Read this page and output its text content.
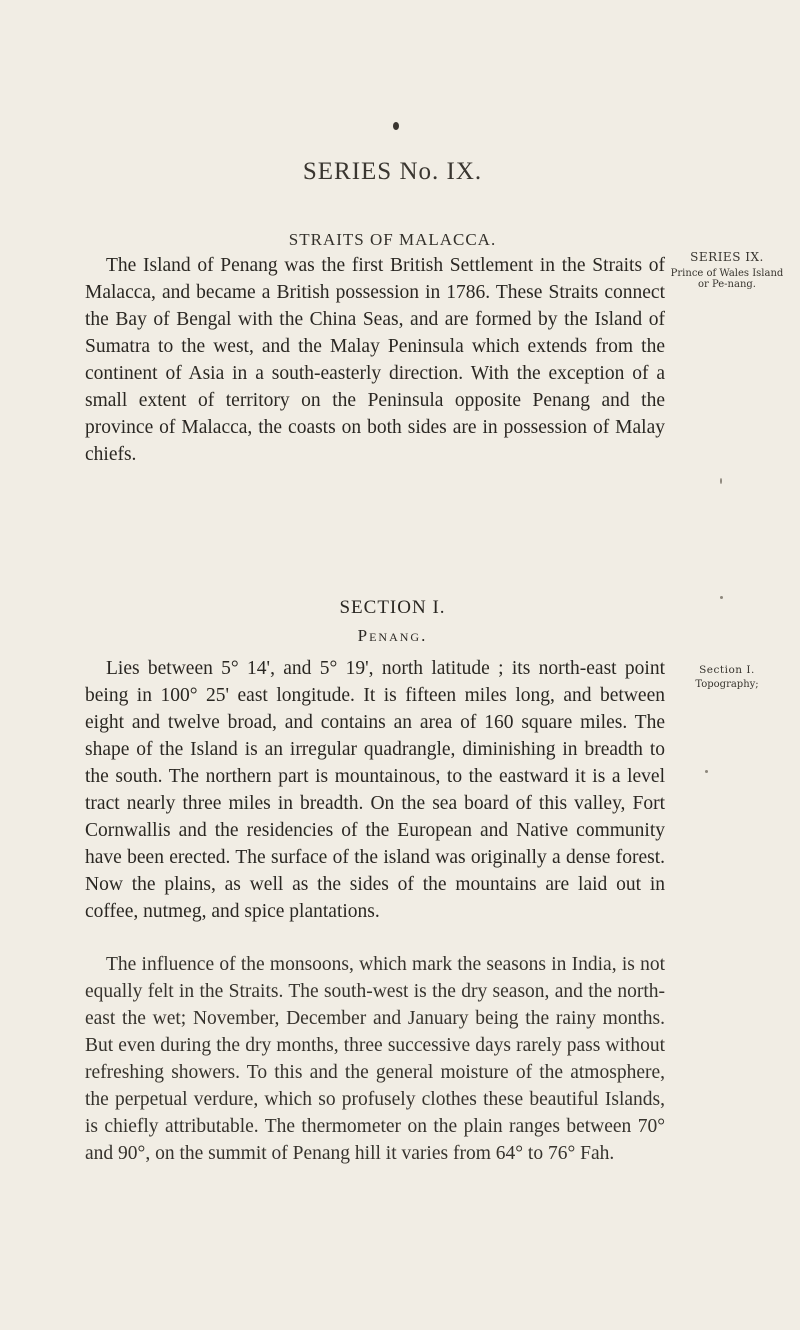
SERIES No. IX.
STRAITS OF MALACCA.

The Island of Penang was the first British Settlement in the Straits of Malacca, and became a British possession in 1786. These Straits connect the Bay of Bengal with the China Seas, and are formed by the Island of Sumatra to the west, and the Malay Peninsula which extends from the continent of Asia in a south-easterly direction. With the exception of a small extent of territory on the Peninsula opposite Penang and the province of Malacca, the coasts on both sides are in possession of Malay chiefs.

SERIES IX.
Prince of Wales Island or Pe-nang.
SECTION I.
Penang.

Lies between 5° 14', and 5° 19', north latitude ; its north-east point being in 100° 25' east longitude. It is fifteen miles long, and between eight and twelve broad, and contains an area of 160 square miles. The shape of the Island is an irregular quadrangle, diminishing in breadth to the south. The northern part is mountainous, to the eastward it is a level tract nearly three miles in breadth. On the sea board of this valley, Fort Cornwallis and the residencies of the European and Native community have been erected. The surface of the island was originally a dense forest. Now the plains, as well as the sides of the mountains are laid out in coffee, nutmeg, and spice plantations.

Section I.
Topography;

The influence of the monsoons, which mark the seasons in India, is not equally felt in the Straits. The south-west is the dry season, and the north-east the wet; November, December and January being the rainy months. But even during the dry months, three successive days rarely pass without refreshing showers. To this and the general moisture of the atmosphere, the perpetual verdure, which so profusely clothes these beautiful Islands, is chiefly attributable. The thermometer on the plain ranges between 70° and 90°, on the summit of Penang hill it varies from 64° to 76° Fah.
